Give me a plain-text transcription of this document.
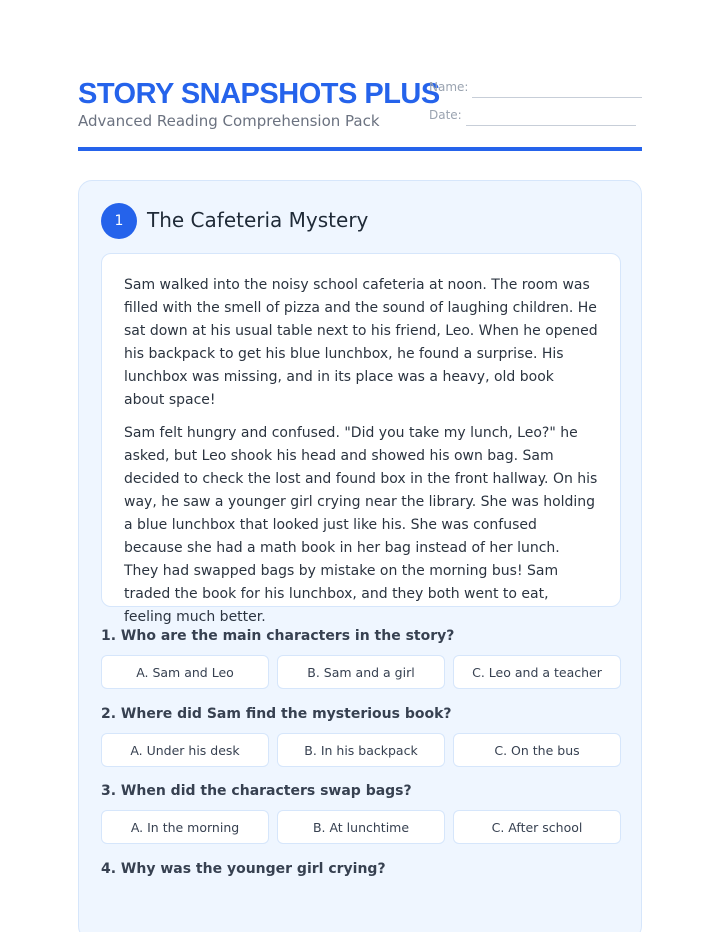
STORY SNAPSHOTS PLUS
Advanced Reading Comprehension Pack
Name:
Date:
1	The Cafeteria Mystery

Sam walked into the noisy school cafeteria at noon. The room was filled with the smell of pizza and the sound of laughing children. He sat down at his usual table next to his friend, Leo. When he opened his backpack to get his blue lunchbox, he found a surprise. His lunchbox was missing, and in its place was a heavy, old book about space!

Sam felt hungry and confused. "Did you take my lunch, Leo?" he asked, but Leo shook his head and showed his own bag. Sam decided to check the lost and found box in the front hallway. On his way, he saw a younger girl crying near the library. She was holding a blue lunchbox that looked just like his. She was confused because she had a math book in her bag instead of her lunch. They had swapped bags by mistake on the morning bus! Sam traded the book for his lunchbox, and they both went to eat, feeling much better.

1. Who are the main characters in the story?
A. Sam and Leo	B. Sam and a girl	C. Leo and a teacher
2. Where did Sam find the mysterious book?
A. Under his desk	B. In his backpack	C. On the bus
3. When did the characters swap bags?
A. In the morning	B. At lunchtime	C. After school
4. Why was the younger girl crying?
